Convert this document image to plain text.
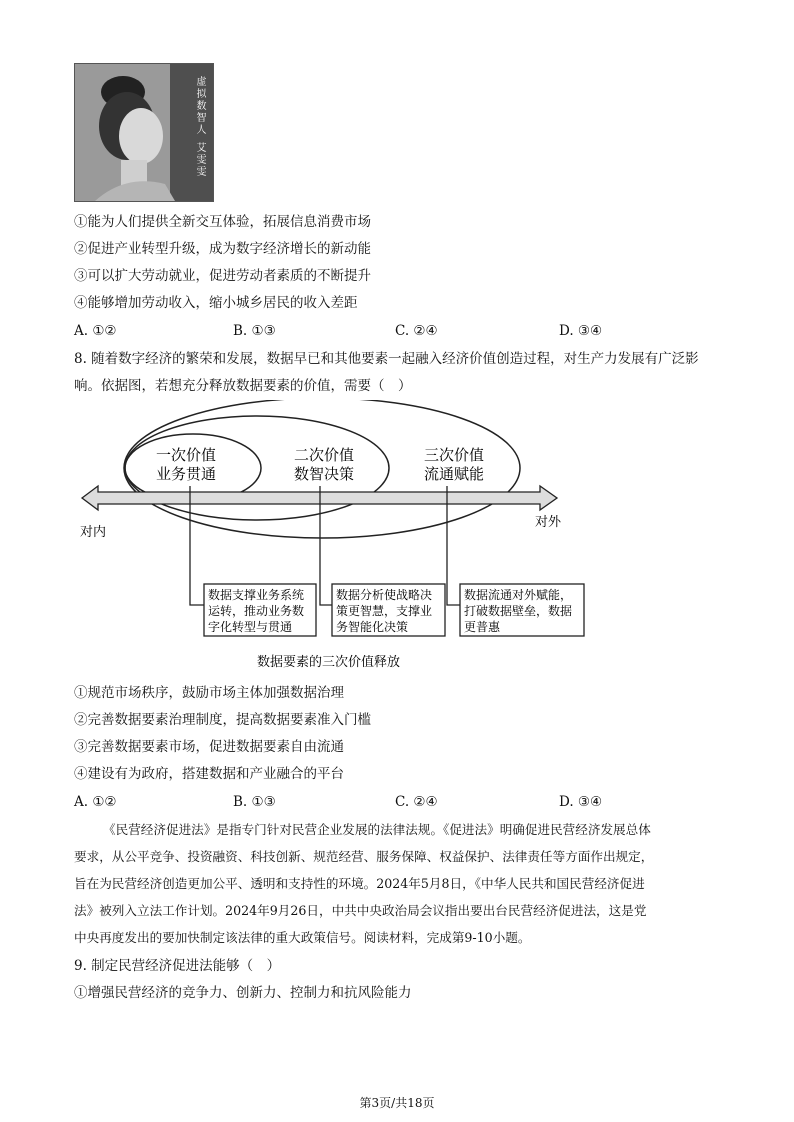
虚拟数智人
艾雯雯
①能为人们提供全新交互体验，拓展信息消费市场
②促进产业转型升级，成为数字经济增长的新动能
③可以扩大劳动就业，促进劳动者素质的不断提升
④能够增加劳动收入，缩小城乡居民的收入差距
A. ①②	B. ①③	C. ②④	D. ③④
8. 随着数字经济的繁荣和发展，数据早已和其他要素一起融入经济价值创造过程，对生产力发展有广泛影
响。依据图，若想充分释放数据要素的价值，需要（　）
一次价值
业务贯通
二次价值
数智决策
三次价值
流通赋能
对内
对外
数据支撑业务系统
运转，推动业务数
字化转型与贯通
数据分析使战略决
策更智慧，支撑业
务智能化决策
数据流通对外赋能，
打破数据壁垒，数据
更普惠
数据要素的三次价值释放
①规范市场秩序，鼓励市场主体加强数据治理
②完善数据要素治理制度，提高数据要素准入门槛
③完善数据要素市场，促进数据要素自由流通
④建设有为政府，搭建数据和产业融合的平台
A. ①②	B. ①③	C. ②④	D. ③④
《民营经济促进法》是指专门针对民营企业发展的法律法规。《促进法》明确促进民营经济发展总体
要求，从公平竞争、投资融资、科技创新、规范经营、服务保障、权益保护、法律责任等方面作出规定，
旨在为民营经济创造更加公平、透明和支持性的环境。2024年5月8日，《中华人民共和国民营经济促进
法》被列入立法工作计划。2024年9月26日，中共中央政治局会议指出要出台民营经济促进法，这是党
中央再度发出的要加快制定该法律的重大政策信号。阅读材料，完成第9-10小题。
9. 制定民营经济促进法能够（　）
①增强民营经济的竞争力、创新力、控制力和抗风险能力
第3页/共18页
